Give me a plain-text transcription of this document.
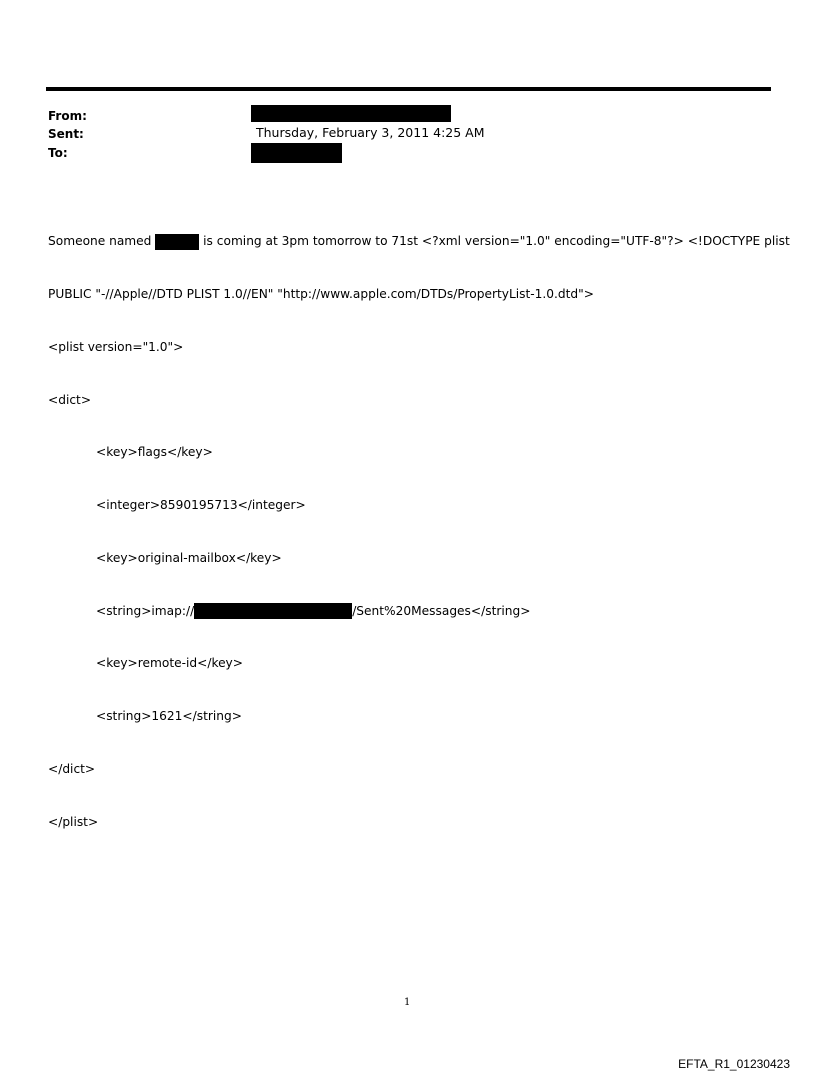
From:
Sent:	Thursday, February 3, 2011 4:25 AM
To:

Someone named	is coming at 3pm tomorrow to 71st <?xml version="1.0" encoding="UTF-8"?> <!DOCTYPE plist

PUBLIC "-//Apple//DTD PLIST 1.0//EN" "http://www.apple.com/DTDs/PropertyList-1.0.dtd">

<plist version="1.0">

<dict>

<key>flags</key>

<integer>8590195713</integer>

<key>original-mailbox</key>

<string>imap://	/Sent%20Messages</string>

<key>remote-id</key>

<string>1621</string>

</dict>

</plist>

1
EFTA_R1_01230423
